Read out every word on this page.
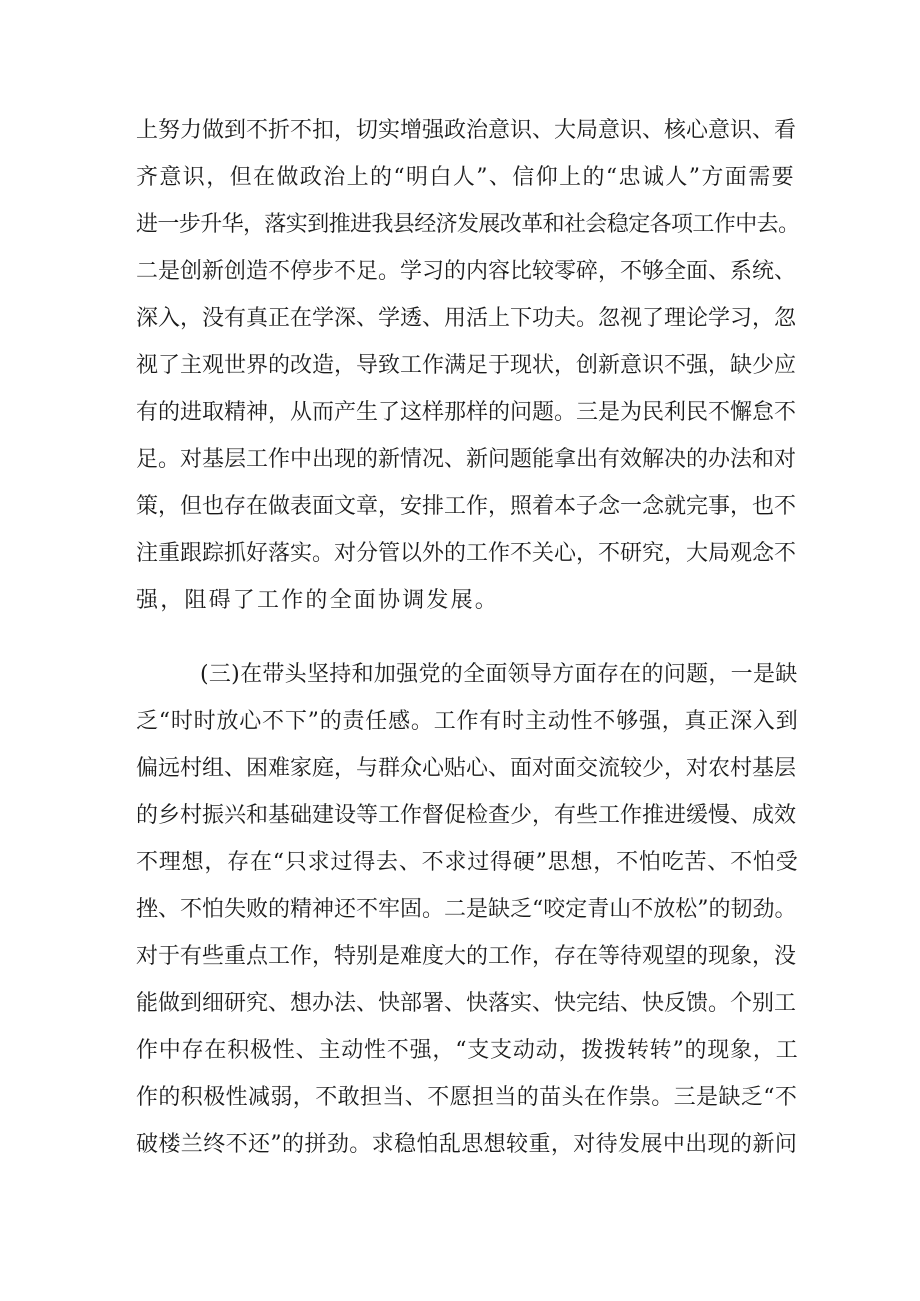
上努力做到不折不扣，切实增强政治意识、大局意识、核心意识、看
齐意识，但在做政治上的“明白人”、信仰上的“忠诚人”方面需要
进一步升华，落实到推进我县经济发展改革和社会稳定各项工作中去。
二是创新创造不停步不足。学习的内容比较零碎，不够全面、系统、
深入，没有真正在学深、学透、用活上下功夫。忽视了理论学习，忽
视了主观世界的改造，导致工作满足于现状，创新意识不强，缺少应
有的进取精神，从而产生了这样那样的问题。三是为民利民不懈怠不
足。对基层工作中出现的新情况、新问题能拿出有效解决的办法和对
策，但也存在做表面文章，安排工作，照着本子念一念就完事，也不
注重跟踪抓好落实。对分管以外的工作不关心，不研究，大局观念不
强，阻碍了工作的全面协调发展。
(三)在带头坚持和加强党的全面领导方面存在的问题，一是缺
乏“时时放心不下”的责任感。工作有时主动性不够强，真正深入到
偏远村组、困难家庭，与群众心贴心、面对面交流较少，对农村基层
的乡村振兴和基础建设等工作督促检查少，有些工作推进缓慢、成效
不理想，存在“只求过得去、不求过得硬”思想，不怕吃苦、不怕受
挫、不怕失败的精神还不牢固。二是缺乏“咬定青山不放松”的韧劲。
对于有些重点工作，特别是难度大的工作，存在等待观望的现象，没
能做到细研究、想办法、快部署、快落实、快完结、快反馈。个别工
作中存在积极性、主动性不强，“支支动动，拨拨转转”的现象，工
作的积极性减弱，不敢担当、不愿担当的苗头在作祟。三是缺乏“不
破楼兰终不还”的拼劲。求稳怕乱思想较重，对待发展中出现的新问
